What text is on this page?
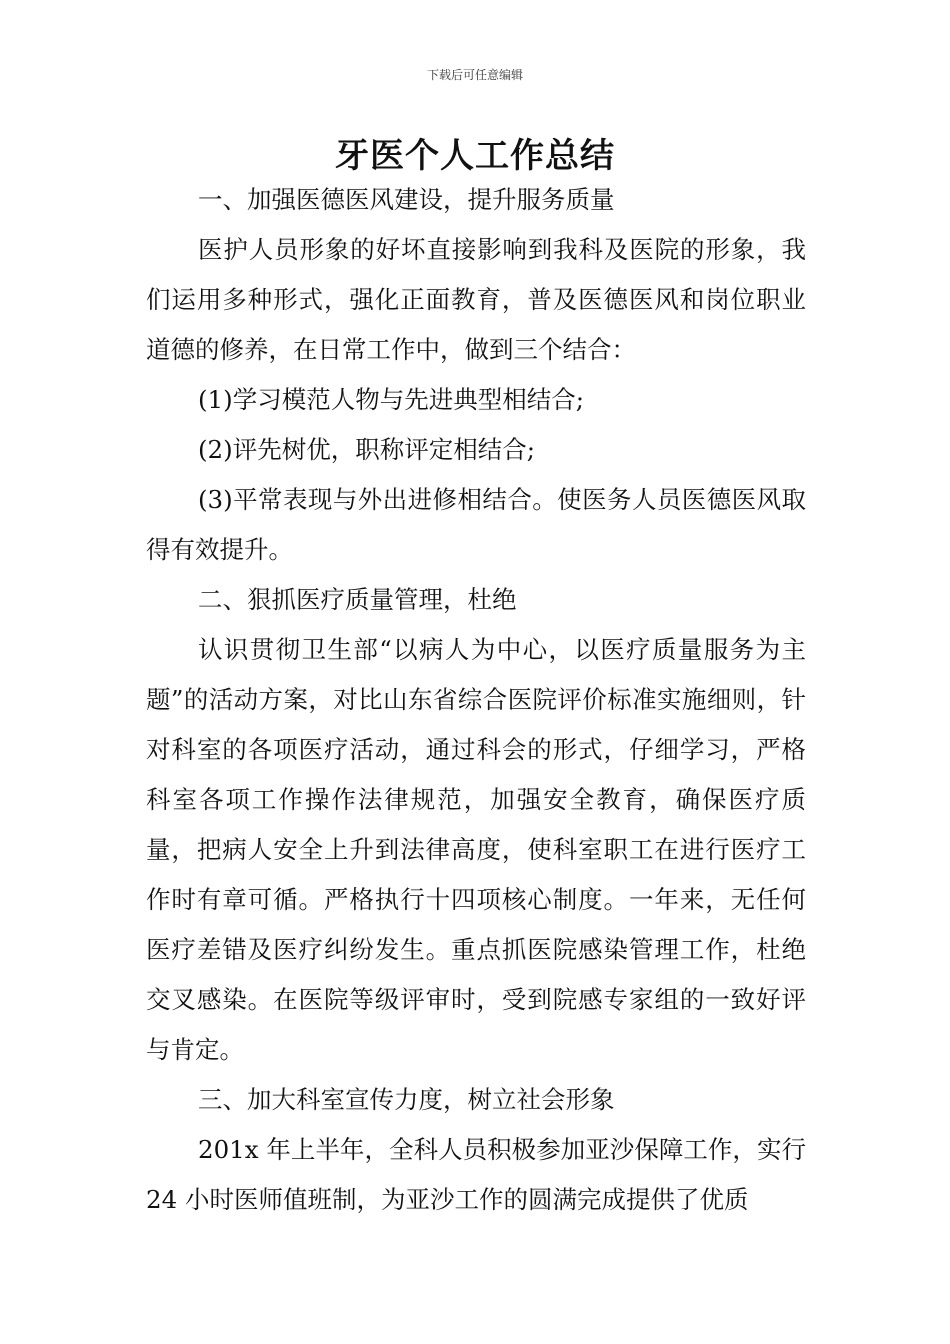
下载后可任意编辑
牙医个人工作总结

一、加强医德医风建设，提升服务质量

医护人员形象的好坏直接影响到我科及医院的形象，我们运用多种形式，强化正面教育，普及医德医风和岗位职业道德的修养，在日常工作中，做到三个结合：

(1)学习模范人物与先进典型相结合;

(2)评先树优，职称评定相结合;

(3)平常表现与外出进修相结合。使医务人员医德医风取得有效提升。

二、狠抓医疗质量管理，杜绝

认识贯彻卫生部“以病人为中心，以医疗质量服务为主题”的活动方案，对比山东省综合医院评价标准实施细则，针对科室的各项医疗活动，通过科会的形式，仔细学习，严格科室各项工作操作法律规范，加强安全教育，确保医疗质量，把病人安全上升到法律高度，使科室职工在进行医疗工作时有章可循。严格执行十四项核心制度。一年来，无任何医疗差错及医疗纠纷发生。重点抓医院感染管理工作，杜绝交叉感染。在医院等级评审时，受到院感专家组的一致好评与肯定。

三、加大科室宣传力度，树立社会形象

201x 年上半年，全科人员积极参加亚沙保障工作，实行 24 小时医师值班制，为亚沙工作的圆满完成提供了优质
